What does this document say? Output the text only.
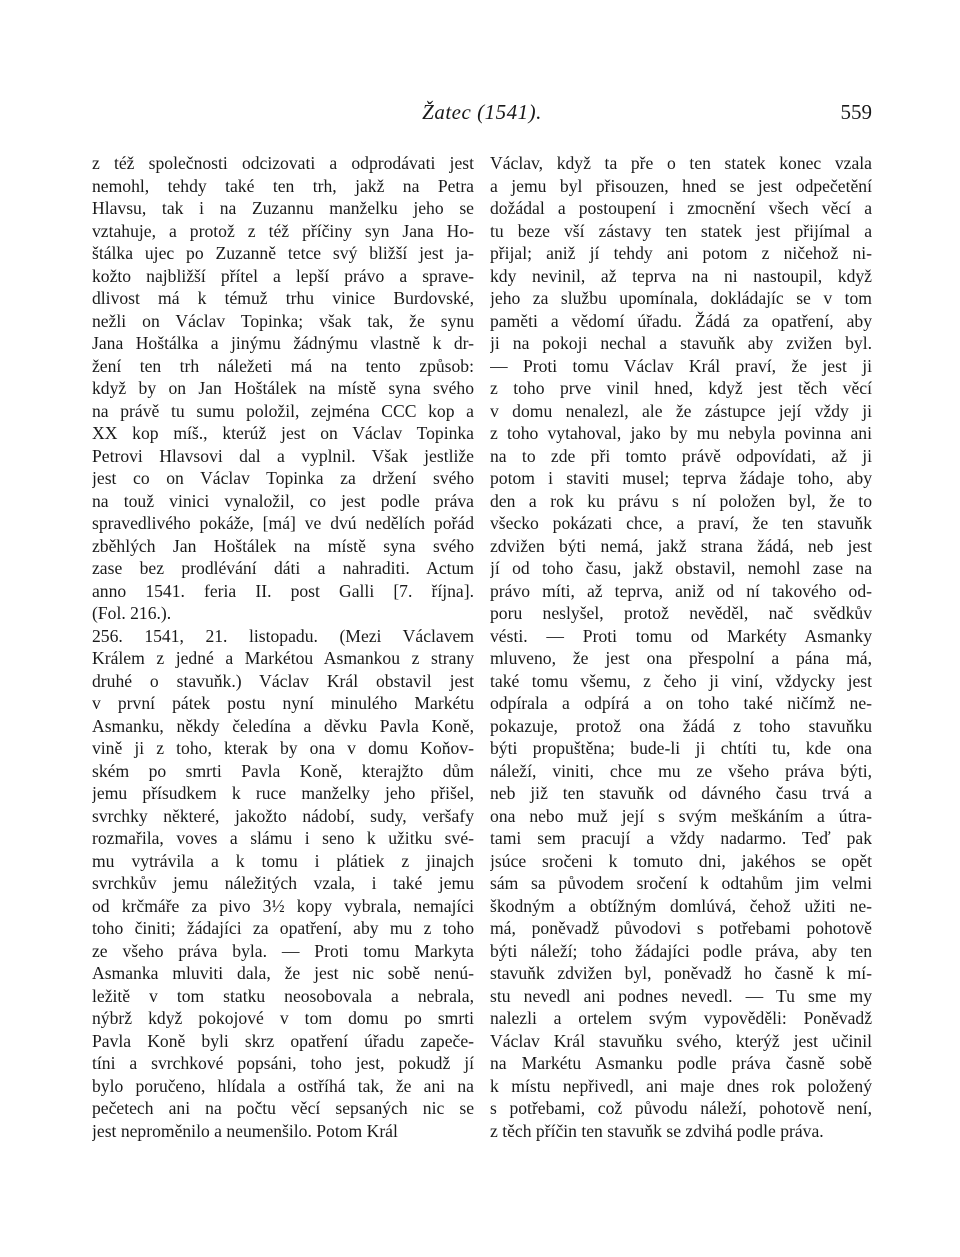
Žatec (1541).	559
z též společnosti odcizovati a odprodávati jest
nemohl, tehdy také ten trh, jakž na Petra
Hlavsu, tak i na Zuzannu manželku jeho se
vztahuje, a protož z též příčiny syn Jana Ho-
štálka ujec po Zuzanně tetce svý bližší jest ja-
kožto najbližší přítel a lepší právo a sprave-
dlivost má k témuž trhu vinice Burdovské,
nežli on Václav Topinka; však tak, že synu
Jana Hoštálka a jinýmu žádnýmu vlastně k dr-
žení ten trh náležeti má na tento způsob:
když by on Jan Hoštálek na místě syna svého
na právě tu sumu položil, zejména CCC kop a
XX kop míš., kterúž jest on Václav Topinka
Petrovi Hlavsovi dal a vyplnil. Však jestliže
jest co on Václav Topinka za držení svého
na touž vinici vynaložil, co jest podle práva
spravedlivého pokáže, [má] ve dvú nedělích pořád
zběhlých Jan Hoštálek na místě syna svého
zase bez prodlévání dáti a nahraditi. Actum
anno 1541. feria II. post Galli [7. října].
(Fol. 216.).
256. 1541, 21. listopadu. (Mezi Václavem
Králem z jedné a Markétou Asmankou z strany
druhé o stavuňk.) Václav Král obstavil jest
v první pátek postu nyní minulého Markétu
Asmanku, někdy čeledína a děvku Pavla Koně,
vině ji z toho, kterak by ona v domu Koňov-
ském po smrti Pavla Koně, kterajžto dům
jemu přísudkem k ruce manželky jeho přišel,
svrchky některé, jakožto nádobí, sudy, veršafy
rozmařila, voves a slámu i seno k užitku své-
mu vytrávila a k tomu i plátiek z jinajch
svrchkův jemu náležitých vzala, i také jemu
od krčmáře za pivo 3½ kopy vybrala, nemajíci
toho činiti; žádajíci za opatření, aby mu z toho
ze všeho práva byla. — Proti tomu Markyta
Asmanka mluviti dala, že jest nic sobě nenú-
ležitě v tom statku neosobovala a nebrala,
nýbrž když pokojové v tom domu po smrti
Pavla Koně byli skrz opatření úřadu zapeče-
tíni a svrchkové popsáni, toho jest, pokudž jí
bylo poručeno, hlídala a ostříhá tak, že ani na
pečetech ani na počtu věcí sepsaných nic se
jest neproměnilo a neumenšilo. Potom Král
Václav, když ta pře o ten statek konec vzala
a jemu byl přisouzen, hned se jest odpečetění
dožádal a postoupení i zmocnění všech věcí a
tu beze vší zástavy ten statek jest přijímal a
přijal; aniž jí tehdy ani potom z ničehož ni-
kdy nevinil, až teprva na ni nastoupil, když
jeho za službu upomínala, dokládajíc se v tom
paměti a vědomí úřadu. Žádá za opatření, aby
ji na pokoji nechal a stavuňk aby zvižen byl.
— Proti tomu Václav Král praví, že jest ji
z toho prve vinil hned, když jest těch věcí
v domu nenalezl, ale že zástupce její vždy ji
z toho vytahoval, jako by mu nebyla povinna ani
na to zde při tomto právě odpovídati, až ji
potom i staviti musel; teprva žádaje toho, aby
den a rok ku právu s ní položen byl, že to
všecko pokázati chce, a praví, že ten stavuňk
zdvižen býti nemá, jakž strana žádá, neb jest
jí od toho času, jakž obstavil, nemohl zase na
právo míti, až teprva, aniž od ní takového od-
poru neslyšel, protož nevěděl, nač svědkův
vésti. — Proti tomu od Markéty Asmanky
mluveno, že jest ona přespolní a pána má,
také tomu všemu, z čeho ji viní, vždycky jest
odpírala a odpírá a on toho také ničímž ne-
pokazuje, protož ona žádá z toho stavuňku
býti propuštěna; bude-li ji chtíti tu, kde ona
náleží, viniti, chce mu ze všeho práva býti,
neb již ten stavuňk od dávného času trvá a
ona nebo muž její s svým meškáním a útra-
tami sem pracují a vždy nadarmo. Teď pak
jsúce sročeni k tomuto dni, jakéhos se opět
sám sa původem sročení k odtahům jim velmi
škodným a obtížným domlúvá, čehož užiti ne-
má, poněvadž původovi s potřebami pohotově
býti náleží; toho žádajíci podle práva, aby ten
stavuňk zdvižen byl, poněvadž ho časně k mí-
stu nevedl ani podnes nevedl. — Tu sme my
nalezli a ortelem svým vypověděli: Poněvadž
Václav Král stavuňku svého, kterýž jest učinil
na Markétu Asmanku podle práva časně sobě
k místu nepřivedl, ani maje dnes rok položený
s potřebami, což původu náleží, pohotově není,
z těch příčin ten stavuňk se zdvihá podle práva.
